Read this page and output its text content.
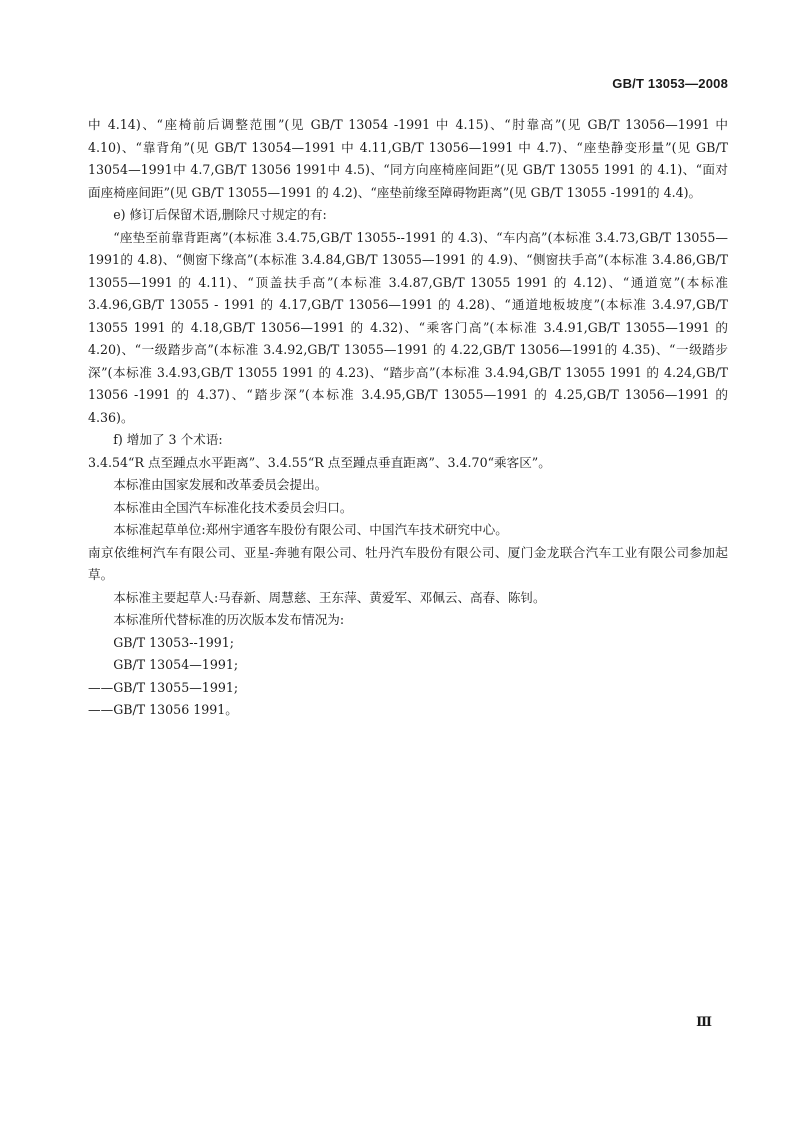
GB/T 13053—2008

中 4.14)、“座椅前后调整范围”(见 GB/T 13054 -1991 中 4.15)、“肘靠高”(见 GB/T 13056—1991 中 4.10)、“靠背角”(见 GB/T 13054—1991 中 4.11,GB/T 13056—1991 中 4.7)、“座垫静变形量”(见 GB/T 13054—1991中 4.7,GB/T 13056 1991中 4.5)、“同方向座椅座间距”(见 GB/T 13055 1991 的 4.1)、“面对面座椅座间距”(见 GB/T 13055—1991 的 4.2)、“座垫前缘至障碍物距离”(见 GB/T 13055 -1991的 4.4)。

e) 修订后保留术语,删除尺寸规定的有:

“座垫至前靠背距离”(本标准 3.4.75,GB/T 13055--1991 的 4.3)、“车内高”(本标准 3.4.73,GB/T 13055—1991的 4.8)、“侧窗下缘高”(本标准 3.4.84,GB/T 13055—1991 的 4.9)、“侧窗扶手高”(本标准 3.4.86,GB/T 13055—1991 的 4.11)、“顶盖扶手高”(本标准 3.4.87,GB/T 13055 1991 的 4.12)、“通道宽”(本标准 3.4.96,GB/T 13055 - 1991 的 4.17,GB/T 13056—1991 的 4.28)、“通道地板坡度”(本标准 3.4.97,GB/T 13055 1991 的 4.18,GB/T 13056—1991 的 4.32)、“乘客门高”(本标准 3.4.91,GB/T 13055—1991 的 4.20)、“一级踏步高”(本标准 3.4.92,GB/T 13055—1991 的 4.22,GB/T 13056—1991的 4.35)、“一级踏步深”(本标准 3.4.93,GB/T 13055 1991 的 4.23)、“踏步高”(本标准 3.4.94,GB/T 13055 1991 的 4.24,GB/T 13056 -1991 的 4.37)、“踏步深”(本标准 3.4.95,GB/T 13055—1991 的 4.25,GB/T 13056—1991 的 4.36)。

f) 增加了 3 个术语:

3.4.54“R 点至踵点水平距离”、3.4.55“R 点至踵点垂直距离”、3.4.70“乘客区”。

本标准由国家发展和改革委员会提出。

本标准由全国汽车标准化技术委员会归口。

本标准起草单位:郑州宇通客车股份有限公司、中国汽车技术研究中心。

南京依维柯汽车有限公司、亚星-奔驰有限公司、牡丹汽车股份有限公司、厦门金龙联合汽车工业有限公司参加起草。

本标准主要起草人:马春新、周慧慈、王东萍、黄爱军、邓佩云、高春、陈钊。

本标准所代替标准的历次版本发布情况为:

GB/T 13053--1991;

GB/T 13054—1991;

——GB/T 13055—1991;

——GB/T 13056 1991。

Ⅲ
